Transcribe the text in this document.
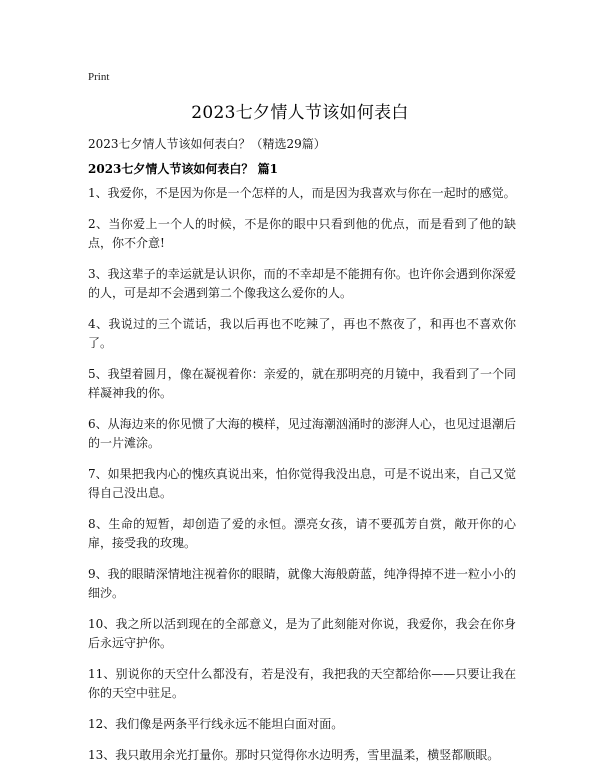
Print
2023七夕情人节该如何表白
2023七夕情人节该如何表白？（精选29篇）
2023七夕情人节该如何表白？ 篇1

1、我爱你，不是因为你是一个怎样的人，而是因为我喜欢与你在一起时的感觉。

2、当你爱上一个人的时候，不是你的眼中只看到他的优点，而是看到了他的缺点，你不介意!

3、我这辈子的幸运就是认识你，而的不幸却是不能拥有你。也许你会遇到你深爱的人，可是却不会遇到第二个像我这么爱你的人。

4、我说过的三个谎话，我以后再也不吃辣了，再也不熬夜了，和再也不喜欢你了。

5、我望着圆月，像在凝视着你：亲爱的，就在那明亮的月镜中，我看到了一个同样凝神我的你。

6、从海边来的你见惯了大海的模样，见过海潮汹涌时的澎湃人心，也见过退潮后的一片滩涂。

7、如果把我内心的愧疚真说出来，怕你觉得我没出息，可是不说出来，自己又觉得自己没出息。

8、生命的短暂，却创造了爱的永恒。漂亮女孩，请不要孤芳自赏，敞开你的心扉，接受我的玫瑰。

9、我的眼睛深情地注视着你的眼睛，就像大海般蔚蓝，纯净得掉不进一粒小小的细沙。

10、我之所以活到现在的全部意义，是为了此刻能对你说，我爱你，我会在你身后永远守护你。

11、别说你的天空什么都没有，若是没有，我把我的天空都给你——只要让我在你的天空中驻足。

12、我们像是两条平行线永远不能坦白面对面。

13、我只敢用余光打量你。那时只觉得你水边明秀，雪里温柔，横竖都顺眼。
